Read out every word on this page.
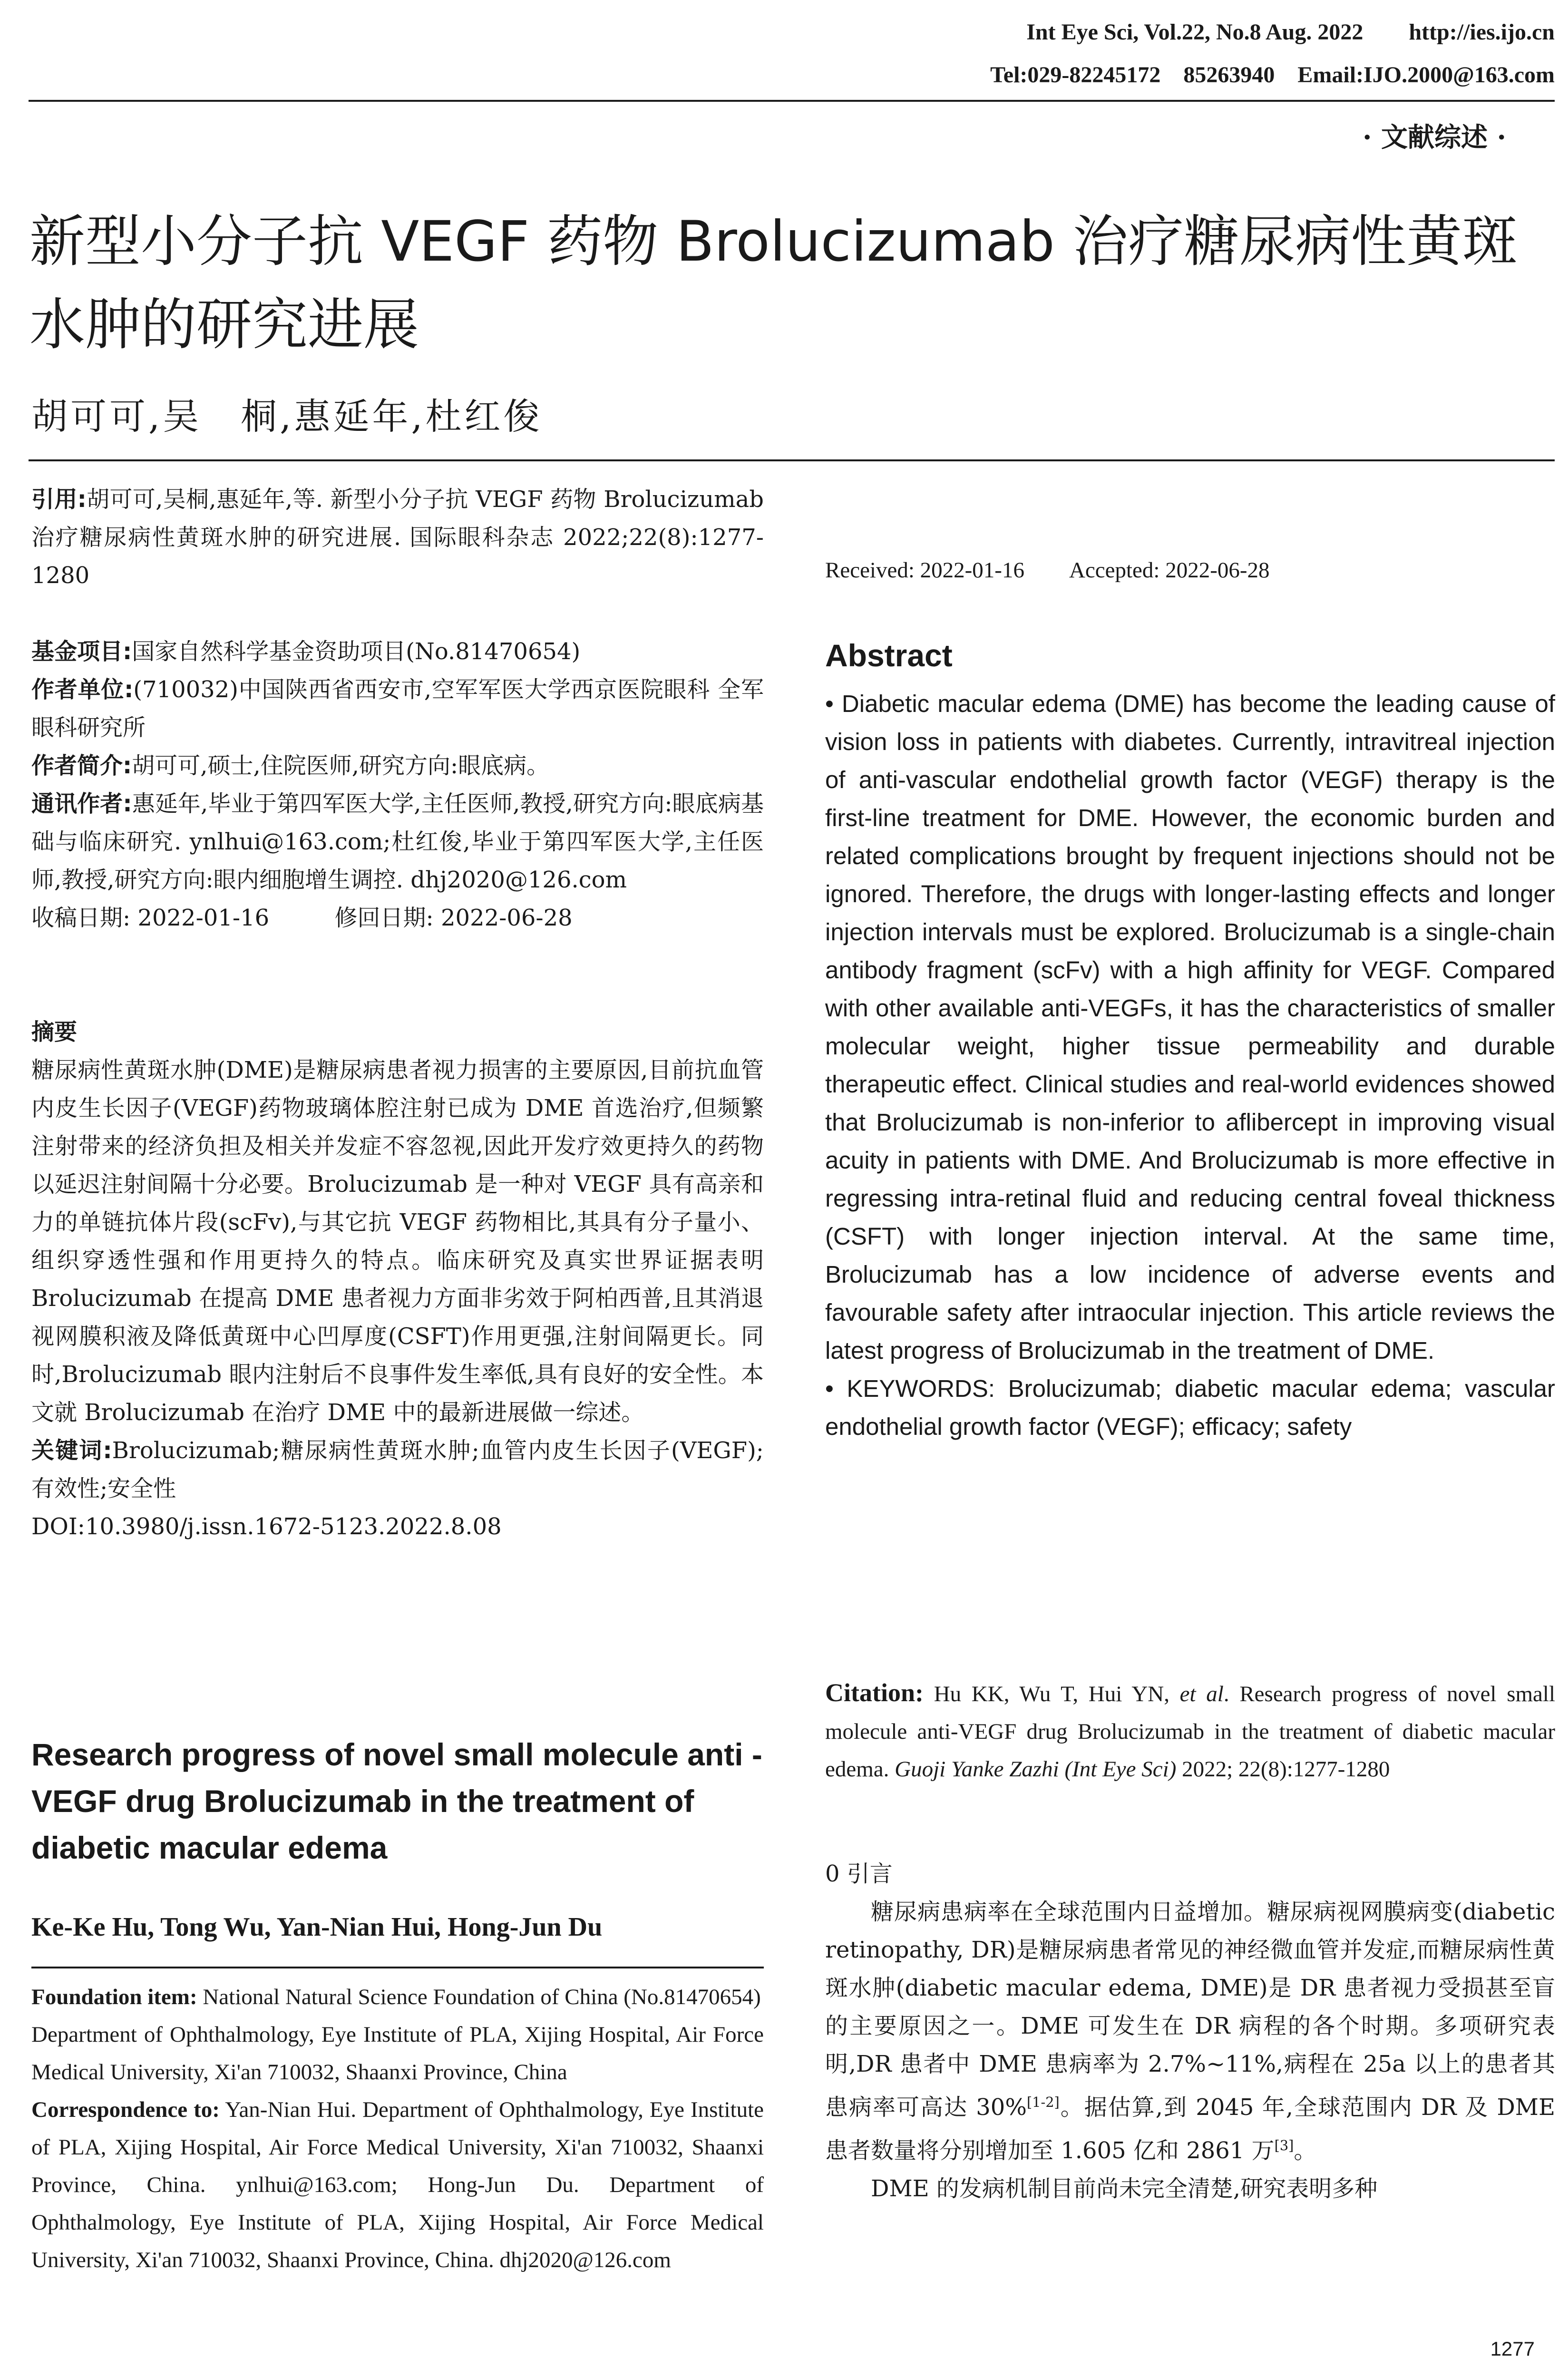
Int Eye Sci, Vol.22, No.8 Aug. 2022 http://ies.ijo.cn
Tel:029-82245172    85263940    Email:IJO.2000@163.com
· 文献综述 ·
新型小分子抗 VEGF 药物 Brolucizumab 治疗糖尿病性黄斑水肿的研究进展
胡可可,吴　桐,惠延年,杜红俊
引用:胡可可,吴桐,惠延年,等. 新型小分子抗 VEGF 药物 Brolucizumab 治疗糖尿病性黄斑水肿的研究进展. 国际眼科杂志 2022;22(8):1277-1280

基金项目:国家自然科学基金资助项目(No.81470654)

作者单位:(710032)中国陕西省西安市,空军军医大学西京医院眼科 全军眼科研究所

作者简介:胡可可,硕士,住院医师,研究方向:眼底病。

通讯作者:惠延年,毕业于第四军医大学,主任医师,教授,研究方向:眼底病基础与临床研究. ynlhui@163.com;杜红俊,毕业于第四军医大学,主任医师,教授,研究方向:眼内细胞增生调控. dhj2020@126.com

收稿日期: 2022-01-16	修回日期: 2022-06-28

摘要

糖尿病性黄斑水肿(DME)是糖尿病患者视力损害的主要原因,目前抗血管内皮生长因子(VEGF)药物玻璃体腔注射已成为 DME 首选治疗,但频繁注射带来的经济负担及相关并发症不容忽视,因此开发疗效更持久的药物以延迟注射间隔十分必要。Brolucizumab 是一种对 VEGF 具有高亲和力的单链抗体片段(scFv),与其它抗 VEGF 药物相比,其具有分子量小、组织穿透性强和作用更持久的特点。临床研究及真实世界证据表明 Brolucizumab 在提高 DME 患者视力方面非劣效于阿柏西普,且其消退视网膜积液及降低黄斑中心凹厚度(CSFT)作用更强,注射间隔更长。同时,Brolucizumab 眼内注射后不良事件发生率低,具有良好的安全性。本文就 Brolucizumab 在治疗 DME 中的最新进展做一综述。

关键词:Brolucizumab;糖尿病性黄斑水肿;血管内皮生长因子(VEGF);有效性;安全性

DOI:10.3980/j.issn.1672-5123.2022.8.08

Research progress of novel small molecule anti - VEGF drug Brolucizumab in the treatment of diabetic macular edema
Ke-Ke Hu, Tong Wu, Yan-Nian Hui, Hong-Jun Du

Foundation item: National Natural Science Foundation of China (No.81470654)

Department of Ophthalmology, Eye Institute of PLA, Xijing Hospital, Air Force Medical University, Xi'an 710032, Shaanxi Province, China

Correspondence to: Yan-Nian Hui. Department of Ophthalmology, Eye Institute of PLA, Xijing Hospital, Air Force Medical University, Xi'an 710032, Shaanxi Province, China. ynlhui@163.com; Hong-Jun Du. Department of Ophthalmology, Eye Institute of PLA, Xijing Hospital, Air Force Medical University, Xi'an 710032, Shaanxi Province, China. dhj2020@126.com

Received: 2022-01-16 Accepted: 2022-06-28
Abstract

• Diabetic macular edema (DME) has become the leading cause of vision loss in patients with diabetes. Currently, intravitreal injection of anti-vascular endothelial growth factor (VEGF) therapy is the first-line treatment for DME. However, the economic burden and related complications brought by frequent injections should not be ignored. Therefore, the drugs with longer-lasting effects and longer injection intervals must be explored. Brolucizumab is a single-chain antibody fragment (scFv) with a high affinity for VEGF. Compared with other available anti-VEGFs, it has the characteristics of smaller molecular weight, higher tissue permeability and durable therapeutic effect. Clinical studies and real-world evidences showed that Brolucizumab is non-inferior to aflibercept in improving visual acuity in patients with DME. And Brolucizumab is more effective in regressing intra-retinal fluid and reducing central foveal thickness (CSFT) with longer injection interval. At the same time, Brolucizumab has a low incidence of adverse events and favourable safety after intraocular injection. This article reviews the latest progress of Brolucizumab in the treatment of DME.

• KEYWORDS: Brolucizumab; diabetic macular edema; vascular endothelial growth factor (VEGF); efficacy; safety

Citation: Hu KK, Wu T, Hui YN, et al. Research progress of novel small molecule anti-VEGF drug Brolucizumab in the treatment of diabetic macular edema. Guoji Yanke Zazhi (Int Eye Sci) 2022; 22(8):1277-1280

0 引言

糖尿病患病率在全球范围内日益增加。糖尿病视网膜病变(diabetic retinopathy, DR)是糖尿病患者常见的神经微血管并发症,而糖尿病性黄斑水肿(diabetic macular edema, DME)是 DR 患者视力受损甚至盲的主要原因之一。DME 可发生在 DR 病程的各个时期。多项研究表明,DR 患者中 DME 患病率为 2.7%~11%,病程在 25a 以上的患者其患病率可高达 30%[1-2]。据估算,到 2045 年,全球范围内 DR 及 DME 患者数量将分别增加至 1.605 亿和 2861 万[3]。

DME 的发病机制目前尚未完全清楚,研究表明多种

1277
